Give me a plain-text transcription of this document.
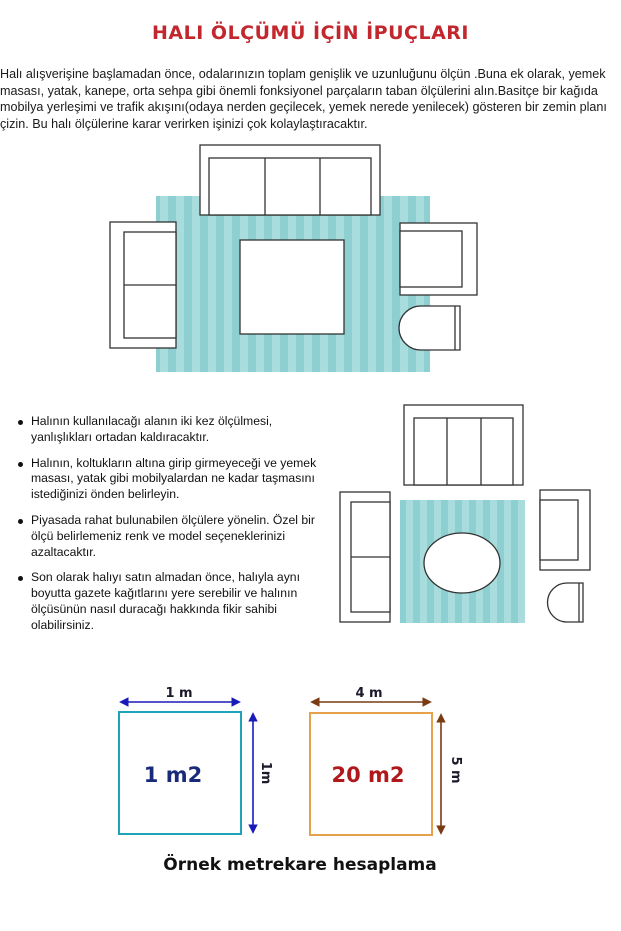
HALI ÖLÇÜMÜ İÇİN İPUÇLARI

Halı alışverişine başlamadan önce, odalarınızın toplam genişlik ve uzunluğunu ölçün .Buna ek olarak, yemek masası, yatak, kanepe, orta sehpa gibi önemli fonksiyonel parçaların taban ölçülerini alın.Basitçe bir kağıda mobilya yerleşimi ve trafik akışını(odaya nerden geçilecek, yemek nerede yenilecek) gösteren bir zemin planı çizin. Bu halı ölçülerine karar verirken işinizi çok kolaylaştıracaktır.

1 m
1m
1 m2
4 m
5 m
20 m2
Halının kullanılacağı alanın iki kez ölçülmesi, yanlışlıkları ortadan kaldıracaktır.
Halının, koltukların altına girip girmeyeceği ve yemek masası, yatak gibi mobilyalardan ne kadar taşmasını istediğinizi önden belirleyin.
Piyasada rahat bulunabilen ölçülere yönelin. Özel bir ölçü belirlemeniz renk ve model seçeneklerinizi azaltacaktır.
Son olarak halıyı satın almadan önce, halıyla aynı boyutta gazete kağıtlarını yere serebilir ve halının ölçüsünün nasıl duracağı hakkında fikir sahibi olabilirsiniz.
Örnek metrekare hesaplama
